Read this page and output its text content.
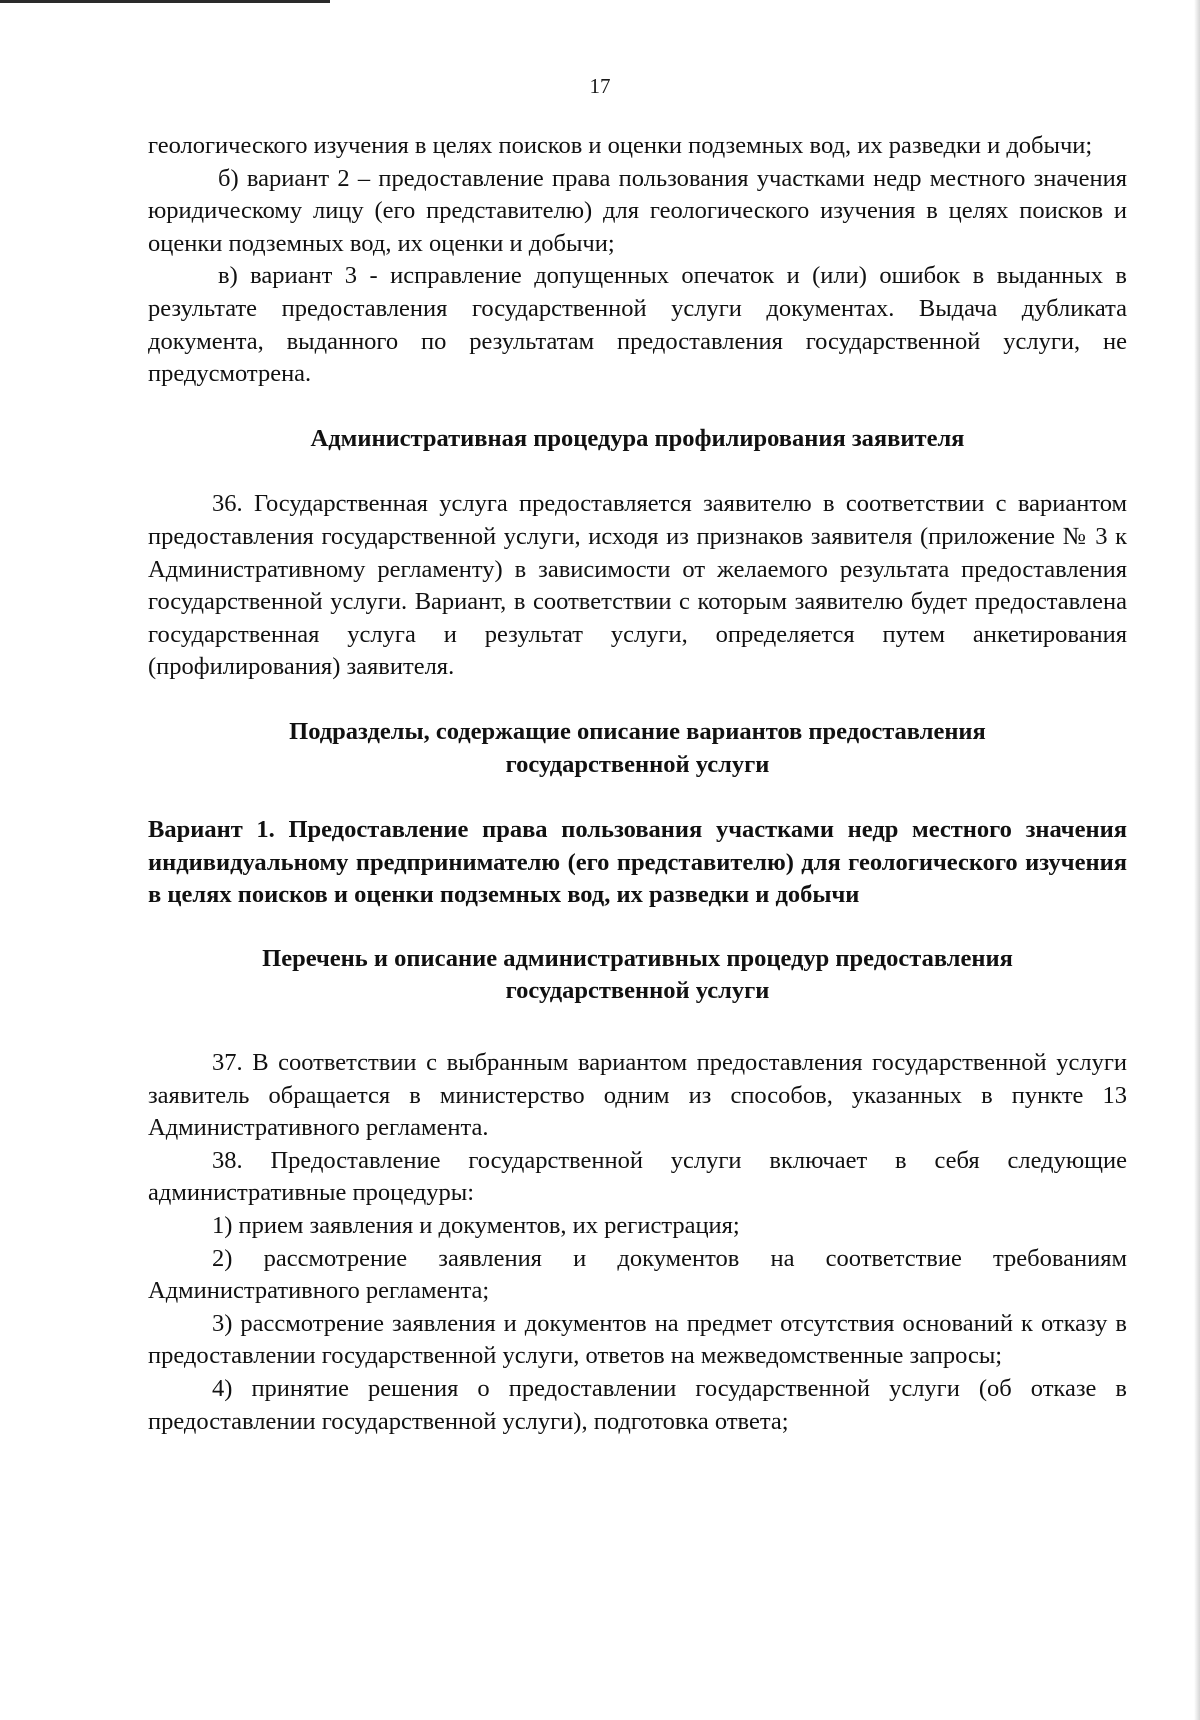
17

геологического изучения в целях поисков и оценки подземных вод, их разведки и добычи;

б) вариант 2 – предоставление права пользования участками недр местного значения юридическому лицу (его представителю) для геологического изучения в целях поисков и оценки подземных вод, их оценки и добычи;

в) вариант 3 - исправление допущенных опечаток и (или) ошибок в выданных в результате предоставления государственной услуги документах. Выдача дубликата документа, выданного по результатам предоставления государственной услуги, не предусмотрена.

Административная процедура профилирования заявителя

36. Государственная услуга предоставляется заявителю в соответствии с вариантом предоставления государственной услуги, исходя из признаков заявителя (приложение № 3 к Административному регламенту) в зависимости от желаемого результата предоставления государственной услуги. Вариант, в соответствии с которым заявителю будет предоставлена государственная услуга и результат услуги, определяется путем анкетирования (профилирования) заявителя.

Подразделы, содержащие описание вариантов предоставления государственной услуги
Вариант 1. Предоставление права пользования участками недр местного значения индивидуальному предпринимателю (его представителю) для геологического изучения в целях поисков и оценки подземных вод, их разведки и добычи
Перечень и описание административных процедур предоставления государственной услуги

37. В соответствии с выбранным вариантом предоставления государственной услуги заявитель обращается в министерство одним из способов, указанных в пункте 13 Административного регламента.

38. Предоставление государственной услуги включает в себя следующие административные процедуры:

1) прием заявления и документов, их регистрация;

2) рассмотрение заявления и документов на соответствие требованиям Административного регламента;

3) рассмотрение заявления и документов на предмет отсутствия оснований к отказу в предоставлении государственной услуги, ответов на межведомственные запросы;

4) принятие решения о предоставлении государственной услуги (об отказе в предоставлении государственной услуги), подготовка ответа;
